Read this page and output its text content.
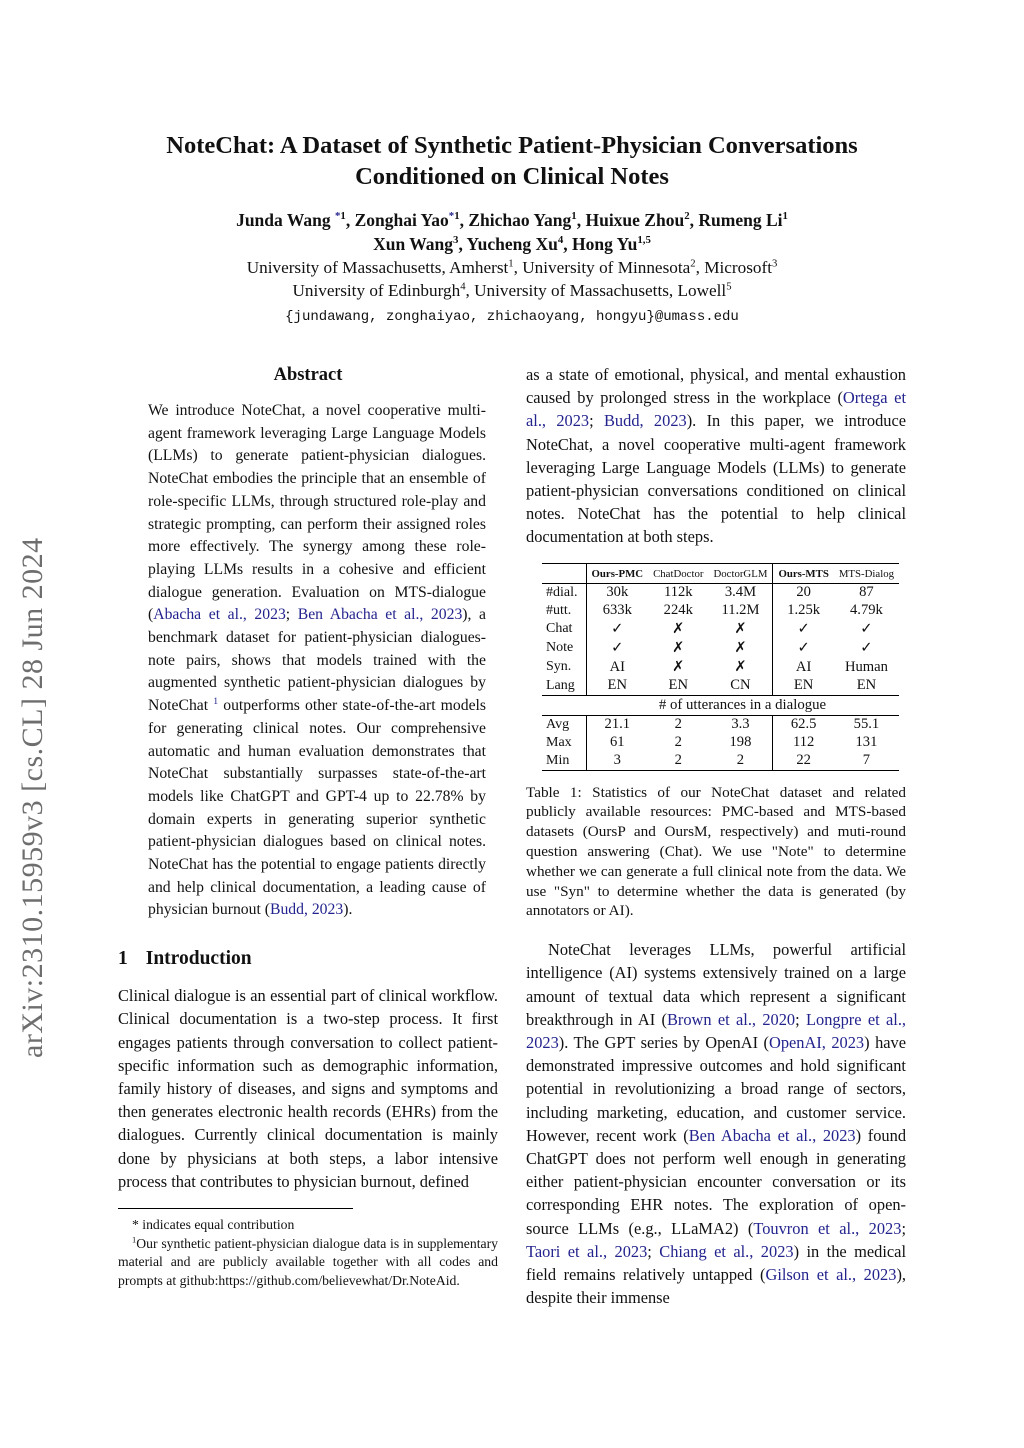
arXiv:2310.15959v3 [cs.CL] 28 Jun 2024
NoteChat: A Dataset of Synthetic Patient-Physician Conversations
Conditioned on Clinical Notes
Junda Wang $^{*1}$, Zonghai Yao$^{*1}$, Zhichao Yang$^1$, Huixue Zhou$^2$, Rumeng Li$^1$
Xun Wang$^3$, Yucheng Xu$^4$, Hong Yu$^{1,5}$
University of Massachusetts, Amherst$^1$, University of Minnesota$^2$, Microsoft$^3$
University of Edinburgh$^4$, University of Massachusetts, Lowell$^5$
{jundawang, zonghaiyao, zhichaoyang, hongyu}@umass.edu
Abstract

We introduce NoteChat, a novel cooperative multi-agent framework leveraging Large Language Models (LLMs) to generate patient-physician dialogues. NoteChat embodies the principle that an ensemble of role-specific LLMs, through structured role-play and strategic prompting, can perform their assigned roles more effectively. The synergy among these role-playing LLMs results in a cohesive and efficient dialogue generation. Evaluation on MTS-dialogue (Abacha et al., 2023; Ben Abacha et al., 2023), a benchmark dataset for patient-physician dialogues-note pairs, shows that models trained with the augmented synthetic patient-physician dialogues by NoteChat $^1$ outperforms other state-of-the-art models for generating clinical notes. Our comprehensive automatic and human evaluation demonstrates that NoteChat substantially surpasses state-of-the-art models like ChatGPT and GPT-4 up to 22.78% by domain experts in generating superior synthetic patient-physician dialogues based on clinical notes. NoteChat has the potential to engage patients directly and help clinical documentation, a leading cause of physician burnout (Budd, 2023).

1 Introduction

Clinical dialogue is an essential part of clinical workflow. Clinical documentation is a two-step process. It first engages patients through conversation to collect patient-specific information such as demographic information, family history of diseases, and signs and symptoms and then generates electronic health records (EHRs) from the dialogues. Currently clinical documentation is mainly done by physicians at both steps, a labor intensive process that contributes to physician burnout, defined

* indicates equal contribution

$^1$Our synthetic patient-physician dialogue data is in supplementary material and are publicly available together with all codes and prompts at github:https://github.com/believewhat/Dr.NoteAid.

as a state of emotional, physical, and mental exhaustion caused by prolonged stress in the workplace (Ortega et al., 2023; Budd, 2023). In this paper, we introduce NoteChat, a novel cooperative multi-agent framework leveraging Large Language Models (LLMs) to generate patient-physician conversations conditioned on clinical notes. NoteChat has the potential to help clinical documentation at both steps.

	Ours-PMC	ChatDoctor	DoctorGLM	Ours-MTS	MTS-Dialog
#dial.	30k	112k	3.4M	20	87
#utt.	633k	224k	11.2M	1.25k	4.79k
Chat	✓	✗	✗	✓	✓
Note	✓	✗	✗	✓	✓
Syn.	AI	✗	✗	AI	Human
Lang	EN	EN	CN	EN	EN
	# of utterances in a dialogue				
Avg	21.1	2	3.3	62.5	55.1
Max	61	2	198	112	131
Min	3	2	2	22	7

Table 1: Statistics of our NoteChat dataset and related publicly available resources: PMC-based and MTS-based datasets (OursP and OursM, respectively) and muti-round question answering (Chat). We use "Note" to determine whether we can generate a full clinical note from the data. We use "Syn" to determine whether the data is generated (by annotators or AI).

NoteChat leverages LLMs, powerful artificial intelligence (AI) systems extensively trained on a large amount of textual data which represent a significant breakthrough in AI (Brown et al., 2020; Longpre et al., 2023). The GPT series by OpenAI (OpenAI, 2023) have demonstrated impressive outcomes and hold significant potential in revolutionizing a broad range of sectors, including marketing, education, and customer service. However, recent work (Ben Abacha et al., 2023) found ChatGPT does not perform well enough in generating either patient-physician encounter conversation or its corresponding EHR notes. The exploration of open-source LLMs (e.g., LLaMA2) (Touvron et al., 2023; Taori et al., 2023; Chiang et al., 2023) in the medical field remains relatively untapped (Gilson et al., 2023), despite their immense
